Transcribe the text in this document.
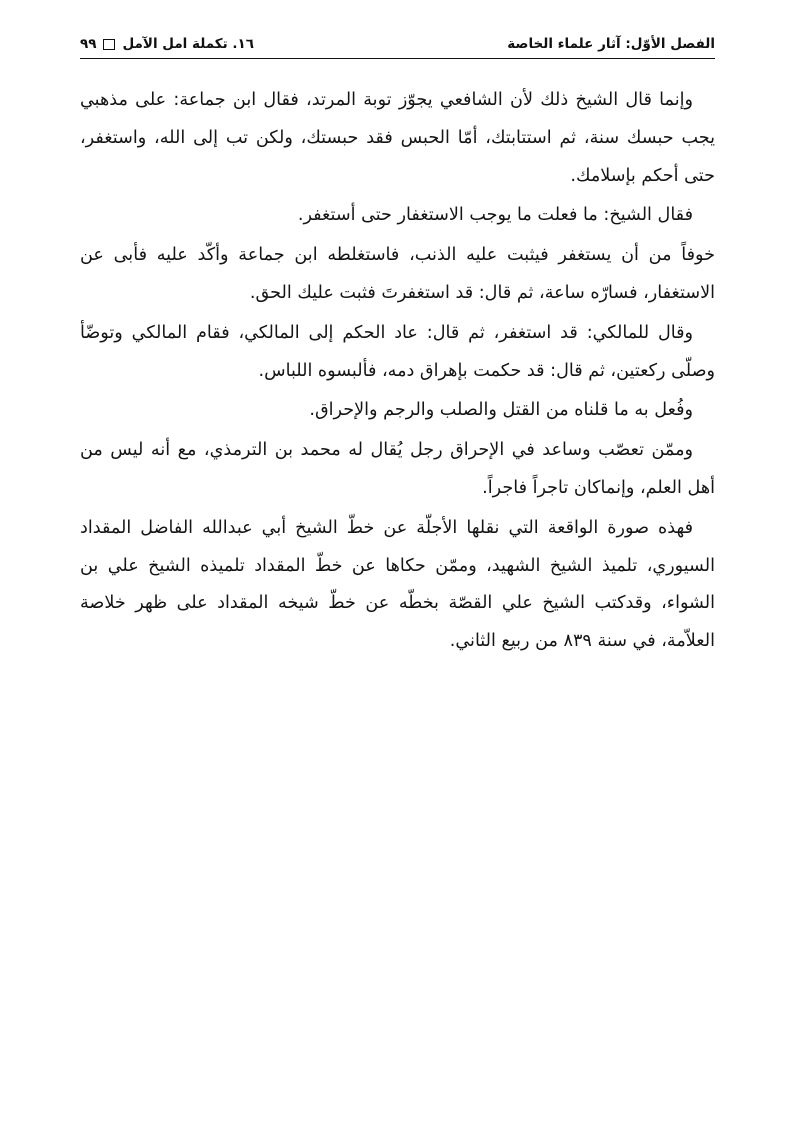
الفصل الأوّل: آثار علماء الخاصة
١٦. تكملة امل الآمل
٩٩

وإنما قال الشيخ ذلك لأن الشافعي يجوّز توبة المرتد، فقال ابن جماعة: على مذهبي يجب حبسك سنة، ثم استتابتك، أمّا الحبس فقد حبستك، ولكن تب إلى الله، واستغفر، حتى أحكم بإسلامك.

فقال الشيخ: ما فعلت ما يوجب الاستغفار حتى أستغفر.

خوفاً من أن يستغفر فيثبت عليه الذنب، فاستغلطه ابن جماعة وأكّد عليه فأبى عن الاستغفار، فسارّه ساعة، ثم قال: قد استغفرتَ فثبت عليك الحق.

وقال للمالكي: قد استغفر، ثم قال: عاد الحكم إلى المالكي، فقام المالكي وتوضّأ وصلّى ركعتين، ثم قال: قد حكمت بإهراق دمه، فألبسوه اللباس.

وفُعل به ما قلناه من القتل والصلب والرجم والإحراق.

وممّن تعصّب وساعد في الإحراق رجل يُقال له محمد بن الترمذي، مع أنه ليس من أهل العلم، وإنماكان تاجراً فاجراً.

فهذه صورة الواقعة التي نقلها الأجلّة عن خطّ الشيخ أبي عبدالله الفاضل المقداد السيوري، تلميذ الشيخ الشهيد، وممّن حكاها عن خطّ المقداد تلميذه الشيخ علي بن الشواء، وقدكتب الشيخ علي القصّة بخطّه عن خطّ شيخه المقداد على ظهر خلاصة العلاّمة، في سنة ٨٣٩ من ربيع الثاني.
